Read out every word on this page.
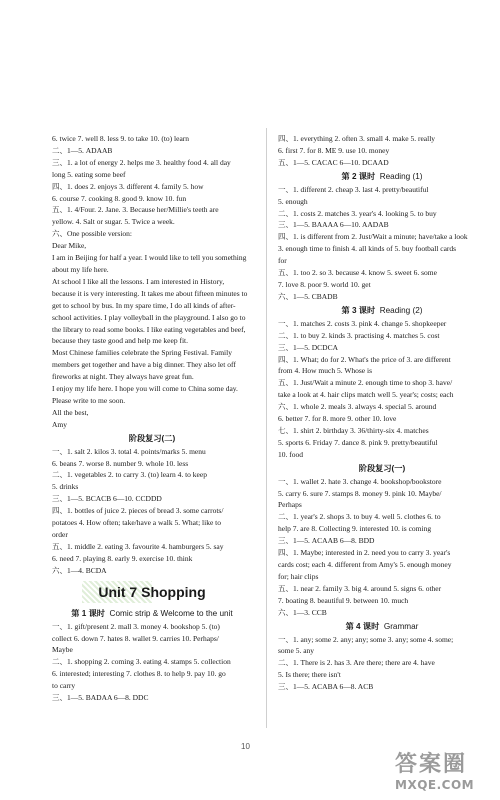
6. twice 7. well 8. less 9. to take 10. (to) learn
二、1—5. ADAAB
三、1. a lot of energy 2. helps me 3. healthy food 4. all day
long 5. eating some beef
四、1. does 2. enjoys 3. different 4. family 5. how
6. course 7. cooking 8. good 9. know 10. fun
五、1. 4/Four. 2. Jane. 3. Because her/Millie's teeth are
yellow. 4. Salt or sugar. 5. Twice a week.
六、One possible version:
Dear Mike,
I am in Beijing for half a year. I would like to tell you something
about my life here.
At school I like all the lessons. I am interested in History,
because it is very interesting. It takes me about fifteen minutes to
get to school by bus. In my spare time, I do all kinds of after-
school activities. I play volleyball in the playground. I also go to
the library to read some books. I like eating vegetables and beef,
because they taste good and help me keep fit.
Most Chinese families celebrate the Spring Festival. Family
members get together and have a big dinner. They also let off
fireworks at night. They always have great fun.
I enjoy my life here. I hope you will come to China some day.
Please write to me soon.
All the best,
Amy
阶段复习(二)
一、1. salt 2. kilos 3. total 4. points/marks 5. menu
6. beans 7. worse 8. number 9. whole 10. less
二、1. vegetables 2. to carry 3. (to) learn 4. to keep
5. drinks
三、1—5. BCACB 6—10. CCDDD
四、1. bottles of juice 2. pieces of bread 3. some carrots/
potatoes 4. How often; take/have a walk 5. What; like to
order
五、1. middle 2. eating 3. favourite 4. hamburgers 5. say
6. need 7. playing 8. early 9. exercise 10. think
六、1—4. BCDA
Unit 7 Shopping
第 1 课时 Comic strip & Welcome to the unit
一、1. gift/present 2. mall 3. money 4. bookshop 5. (to)
collect 6. down 7. hates 8. wallet 9. carries 10. Perhaps/
Maybe
二、1. shopping 2. coming 3. eating 4. stamps 5. collection
6. interested; interesting 7. clothes 8. to help 9. pay 10. go
to carry
三、1—5. BADAA 6—8. DDC
四、1. everything 2. often 3. small 4. make 5. really
6. first 7. for 8. ME 9. use 10. money
五、1—5. CACAC 6—10. DCAAD
第 2 课时 Reading (1)
一、1. different 2. cheap 3. last 4. pretty/beautiful
5. enough
二、1. costs 2. matches 3. year's 4. looking 5. to buy
三、1—5. BAAAA 6—10. AADAB
四、1. is different from 2. Just/Wait a minute; have/take a look
3. enough time to finish 4. all kinds of 5. buy football cards
for
五、1. too 2. so 3. because 4. know 5. sweet 6. some
7. love 8. poor 9. world 10. get
六、1—5. CBADB
第 3 课时 Reading (2)
一、1. matches 2. costs 3. pink 4. change 5. shopkeeper
二、1. to buy 2. kinds 3. practising 4. matches 5. cost
三、1—5. DCDCA
四、1. What; do for 2. What's the price of 3. are different
from 4. How much 5. Whose is
五、1. Just/Wait a minute 2. enough time to shop 3. have/
take a look at 4. hair clips match well 5. year's; costs; each
六、1. whole 2. meals 3. always 4. special 5. around
6. better 7. for 8. more 9. other 10. love
七、1. shirt 2. birthday 3. 36/thirty-six 4. matches
5. sports 6. Friday 7. dance 8. pink 9. pretty/beautiful
10. food
阶段复习(一)
一、1. wallet 2. hate 3. change 4. bookshop/bookstore
5. carry 6. sure 7. stamps 8. money 9. pink 10. Maybe/
Perhaps
二、1. year's 2. shops 3. to buy 4. well 5. clothes 6. to
help 7. are 8. Collecting 9. interested 10. is coming
三、1—5. ACAAB 6—8. BDD
四、1. Maybe; interested in 2. need you to carry 3. year's
cards cost; each 4. different from Amy's 5. enough money
for; hair clips
五、1. near 2. family 3. big 4. around 5. signs 6. other
7. boating 8. beautiful 9. between 10. much
六、1—3. CCB
第 4 课时 Grammar
一、1. any; some 2. any; any; some 3. any; some 4. some;
some 5. any
二、1. There is 2. has 3. Are there; there are 4. have
5. Is there; there isn't
三、1—5. ACABA 6—8. ACB
10
答案圈
MXQE.COM
